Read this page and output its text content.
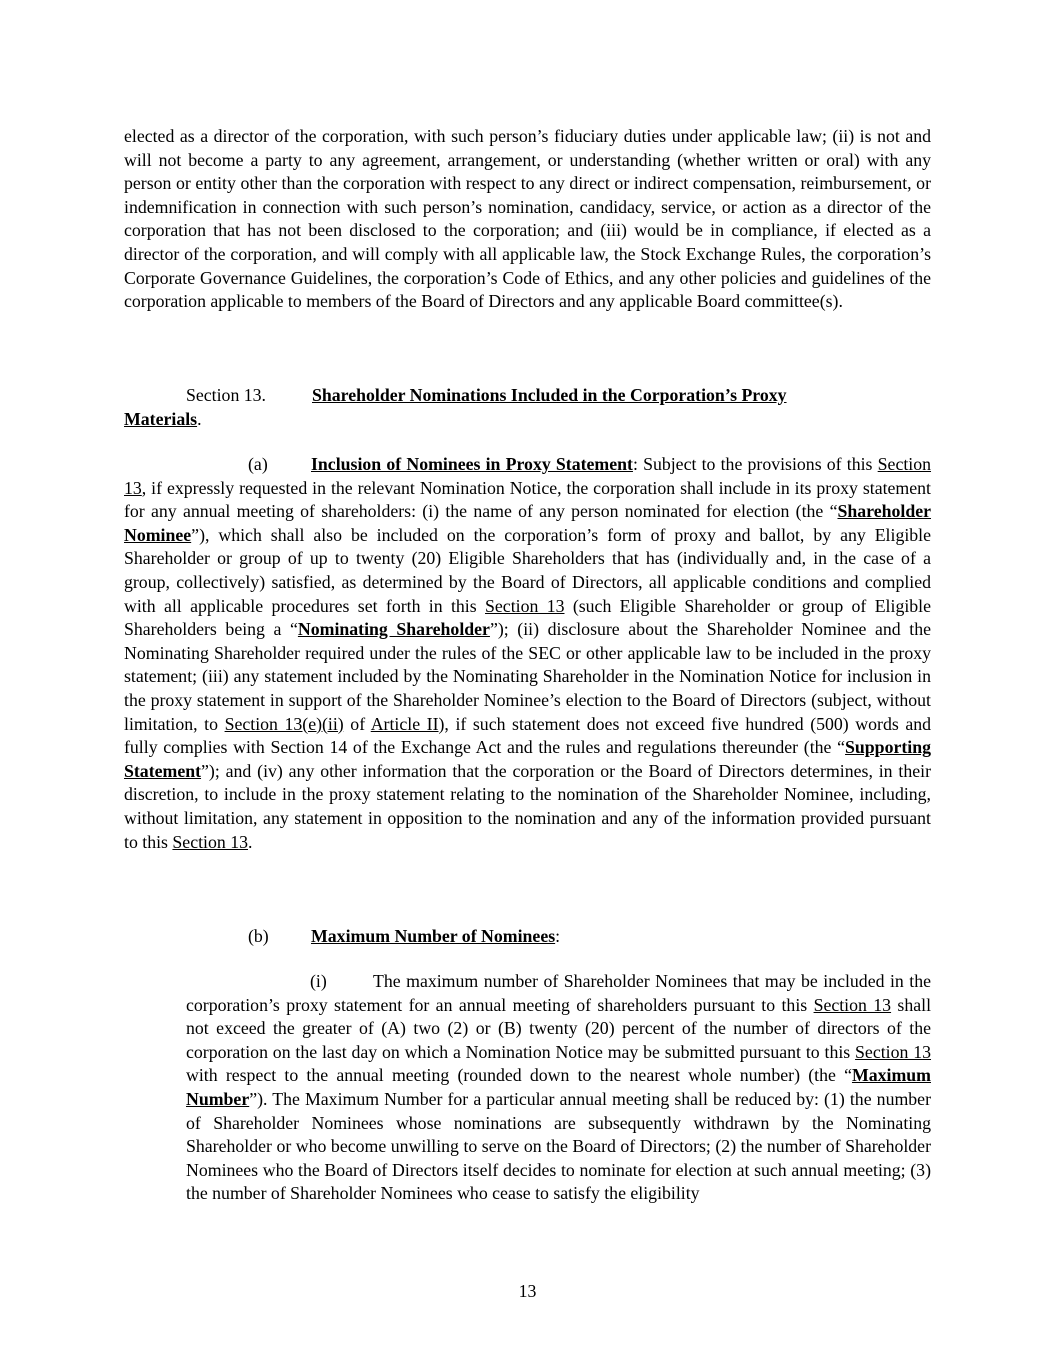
elected as a director of the corporation, with such person’s fiduciary duties under applicable law; (ii) is not and will not become a party to any agreement, arrangement, or understanding (whether written or oral) with any person or entity other than the corporation with respect to any direct or indirect compensation, reimbursement, or indemnification in connection with such person’s nomination, candidacy, service, or action as a director of the corporation that has not been disclosed to the corporation; and (iii) would be in compliance, if elected as a director of the corporation, and will comply with all applicable law, the Stock Exchange Rules, the corporation’s Corporate Governance Guidelines, the corporation’s Code of Ethics, and any other policies and guidelines of the corporation applicable to members of the Board of Directors and any applicable Board committee(s).

Section 13.	Shareholder Nominations Included in the Corporation’s Proxy
Materials.

(a) Inclusion of Nominees in Proxy Statement: Subject to the provisions of this Section 13, if expressly requested in the relevant Nomination Notice, the corporation shall include in its proxy statement for any annual meeting of shareholders: (i) the name of any person nominated for election (the “Shareholder Nominee”), which shall also be included on the corporation’s form of proxy and ballot, by any Eligible Shareholder or group of up to twenty (20) Eligible Shareholders that has (individually and, in the case of a group, collectively) satisfied, as determined by the Board of Directors, all applicable conditions and complied with all applicable procedures set forth in this Section 13 (such Eligible Shareholder or group of Eligible Shareholders being a “Nominating Shareholder”); (ii) disclosure about the Shareholder Nominee and the Nominating Shareholder required under the rules of the SEC or other applicable law to be included in the proxy statement; (iii) any statement included by the Nominating Shareholder in the Nomination Notice for inclusion in the proxy statement in support of the Shareholder Nominee’s election to the Board of Directors (subject, without limitation, to Section 13(e)(ii) of Article II), if such statement does not exceed five hundred (500) words and fully complies with Section 14 of the Exchange Act and the rules and regulations thereunder (the “Supporting Statement”); and (iv) any other information that the corporation or the Board of Directors determines, in their discretion, to include in the proxy statement relating to the nomination of the Shareholder Nominee, including, without limitation, any statement in opposition to the nomination and any of the information provided pursuant to this Section 13.

(b) Maximum Number of Nominees:

(i)	The maximum number of Shareholder Nominees that may be included in the corporation’s proxy statement for an annual meeting of shareholders pursuant to this Section 13 shall not exceed the greater of (A) two (2) or (B) twenty (20) percent of the number of directors of the corporation on the last day on which a Nomination Notice may be submitted pursuant to this Section 13 with respect to the annual meeting (rounded down to the nearest whole number) (the “Maximum Number”). The Maximum Number for a particular annual meeting shall be reduced by: (1) the number of Shareholder Nominees whose nominations are subsequently withdrawn by the Nominating Shareholder or who become unwilling to serve on the Board of Directors; (2) the number of Shareholder Nominees who the Board of Directors itself decides to nominate for election at such annual meeting; (3) the number of Shareholder Nominees who cease to satisfy the eligibility

13
